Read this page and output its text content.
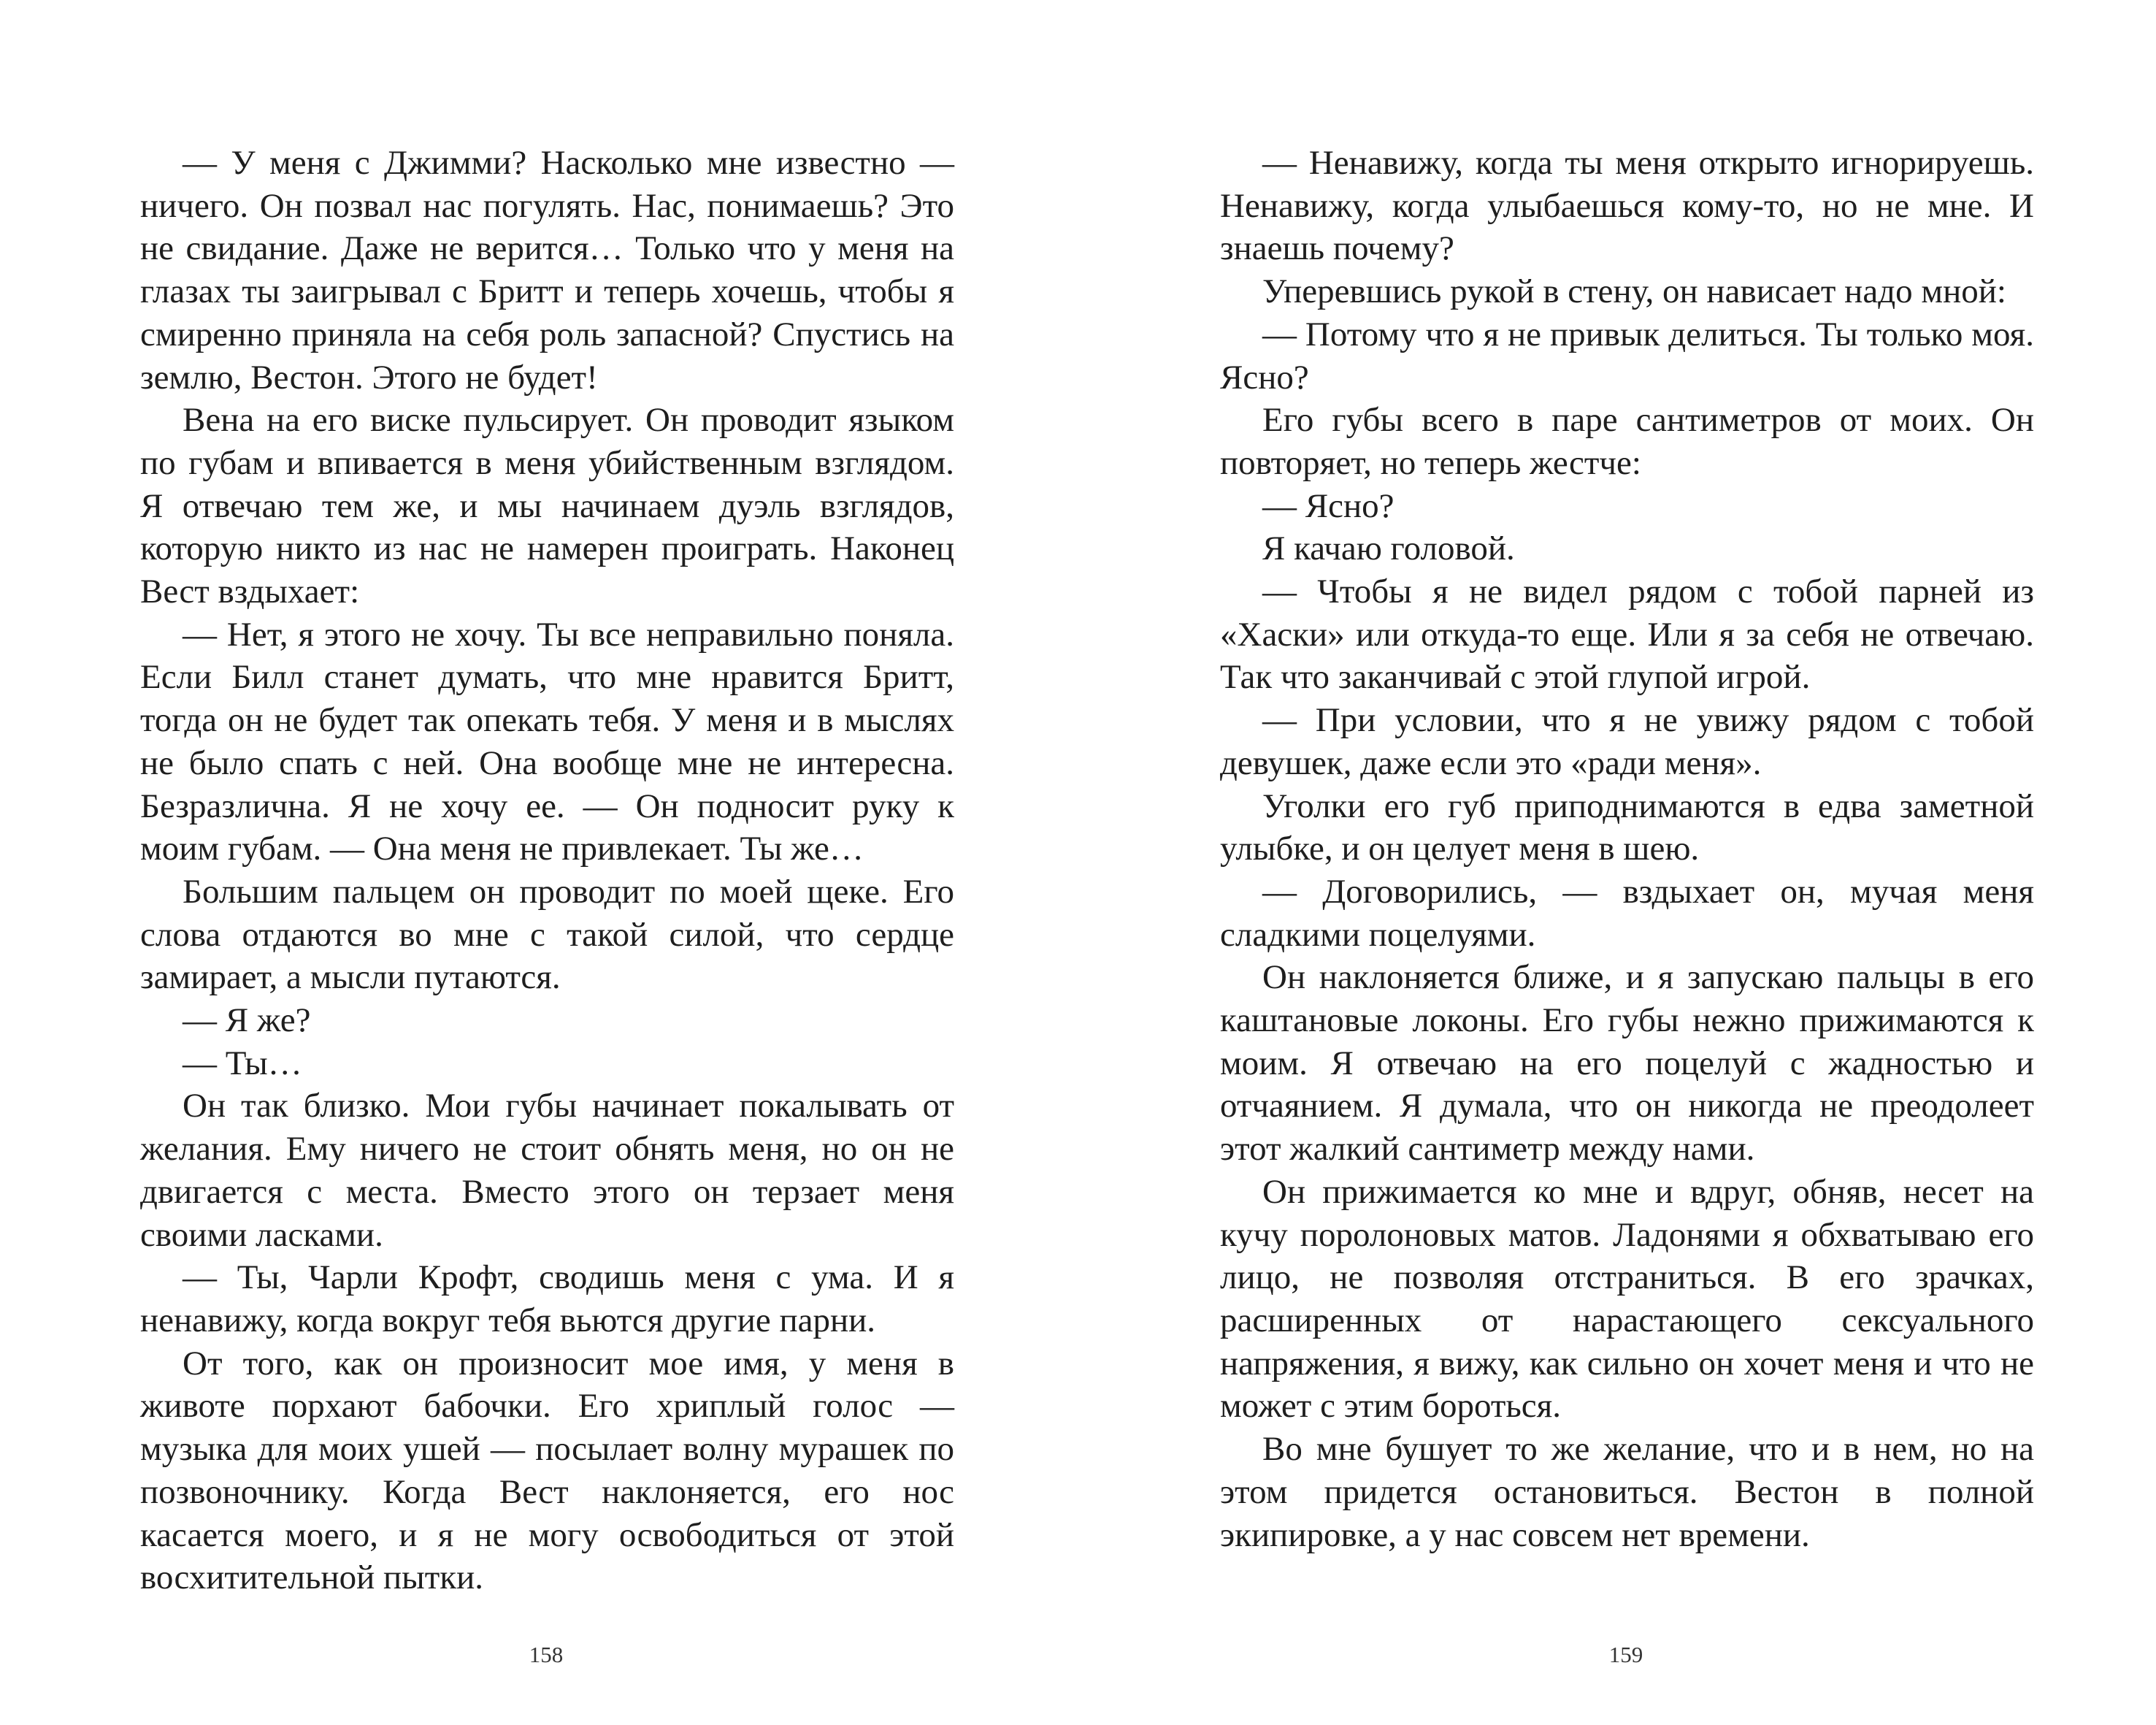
— У меня с Джимми? Насколько мне известно — ничего. Он позвал нас погулять. Нас, понимаешь? Это не свидание. Даже не верится… Только что у меня на глазах ты заигрывал с Бритт и теперь хочешь, чтобы я смиренно приняла на себя роль запасной? Спустись на землю, Вестон. Этого не будет!

Вена на его виске пульсирует. Он проводит языком по губам и впивается в меня убийственным взглядом. Я отвечаю тем же, и мы начинаем дуэль взглядов, которую никто из нас не намерен проиграть. Наконец Вест вздыхает:

— Нет, я этого не хочу. Ты все неправильно поняла. Если Билл станет думать, что мне нравится Бритт, тогда он не будет так опекать тебя. У меня и в мыслях не было спать с ней. Она вообще мне не интересна. Безразлична. Я не хочу ее. — Он подносит руку к моим губам. — Она меня не привлекает. Ты же…

Большим пальцем он проводит по моей щеке. Его слова отдаются во мне с такой силой, что сердце замирает, а мысли путаются.

— Я же?

— Ты…

Он так близко. Мои губы начинает покалывать от желания. Ему ничего не стоит обнять меня, но он не двигается с места. Вместо этого он терзает меня своими ласками.

— Ты, Чарли Крофт, сводишь меня с ума. И я ненавижу, когда вокруг тебя вьются другие парни.

От того, как он произносит мое имя, у меня в животе порхают бабочки. Его хриплый голос — музыка для моих ушей — посылает волну мурашек по позвоночнику. Когда Вест наклоняется, его нос касается моего, и я не могу освободиться от этой восхитительной пытки.

158

— Ненавижу, когда ты меня открыто игнорируешь. Ненавижу, когда улыбаешься кому-то, но не мне. И знаешь почему?

Уперевшись рукой в стену, он нависает надо мной:

— Потому что я не привык делиться. Ты только моя. Ясно?

Его губы всего в паре сантиметров от моих. Он повторяет, но теперь жестче:

— Ясно?

Я качаю головой.

— Чтобы я не видел рядом с тобой парней из «Хаски» или откуда-то еще. Или я за себя не отвечаю. Так что заканчивай с этой глупой игрой.

— При условии, что я не увижу рядом с тобой девушек, даже если это «ради меня».

Уголки его губ приподнимаются в едва заметной улыбке, и он целует меня в шею.

— Договорились, — вздыхает он, мучая меня сладкими поцелуями.

Он наклоняется ближе, и я запускаю пальцы в его каштановые локоны. Его губы нежно прижимаются к моим. Я отвечаю на его поцелуй с жадностью и отчаянием. Я думала, что он никогда не преодолеет этот жалкий сантиметр между нами.

Он прижимается ко мне и вдруг, обняв, несет на кучу поролоновых матов. Ладонями я обхватываю его лицо, не позволяя отстраниться. В его зрачках, расширенных от нарастающего сексуального напряжения, я вижу, как сильно он хочет меня и что не может с этим бороться.

Во мне бушует то же желание, что и в нем, но на этом придется остановиться. Вестон в полной экипировке, а у нас совсем нет времени.

159
